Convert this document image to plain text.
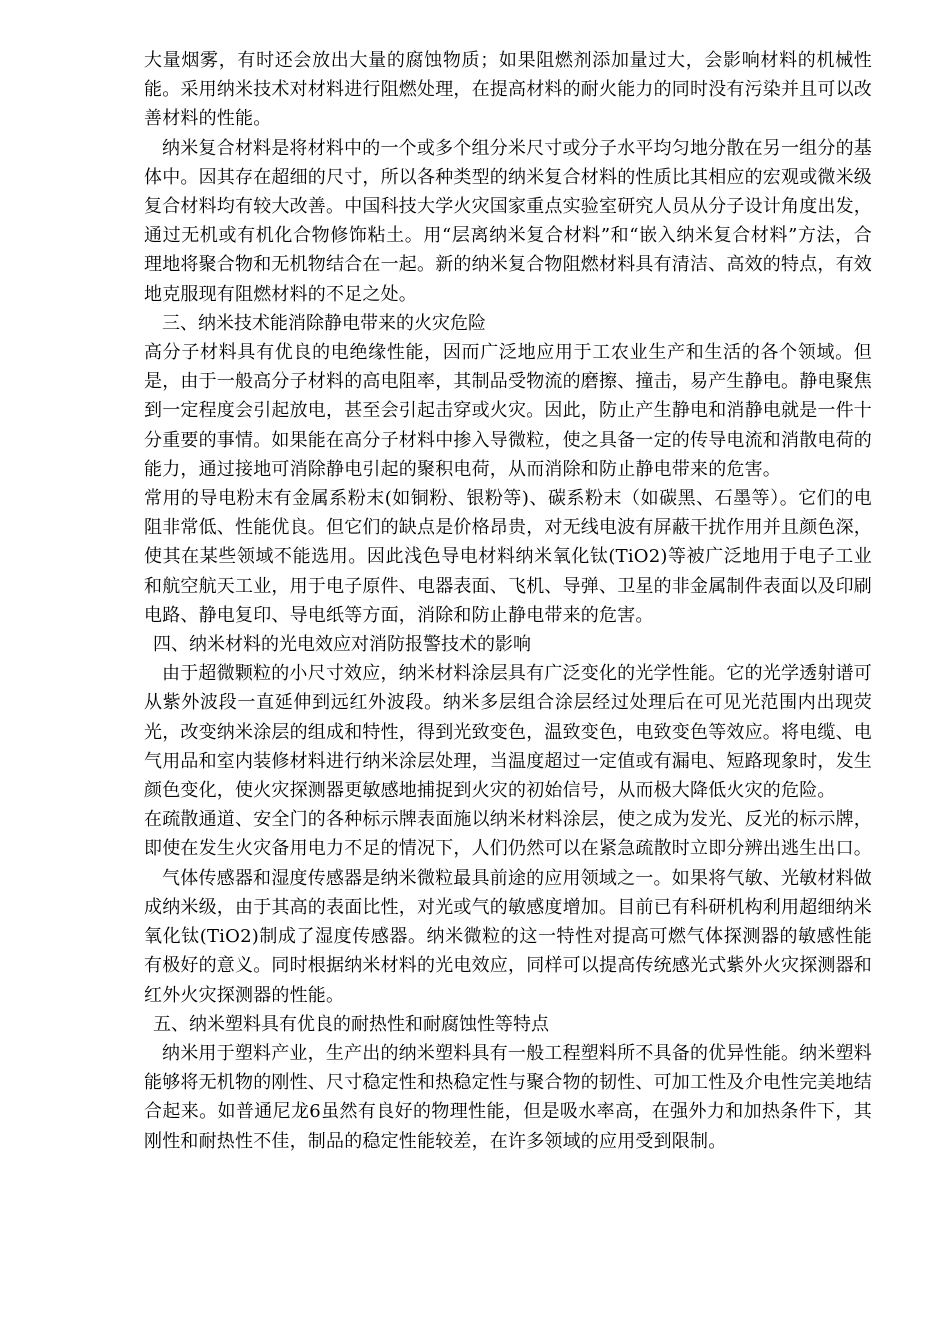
大量烟雾，有时还会放出大量的腐蚀物质；如果阻燃剂添加量过大，会影响材料的机械性能。采用纳米技术对材料进行阻燃处理，在提高材料的耐火能力的同时没有污染并且可以改善材料的性能。

纳米复合材料是将材料中的一个或多个组分米尺寸或分子水平均匀地分散在另一组分的基体中。因其存在超细的尺寸，所以各种类型的纳米复合材料的性质比其相应的宏观或微米级复合材料均有较大改善。中国科技大学火灾国家重点实验室研究人员从分子设计角度出发，通过无机或有机化合物修饰粘土。用“层离纳米复合材料”和“嵌入纳米复合材料”方法，合理地将聚合物和无机物结合在一起。新的纳米复合物阻燃材料具有清洁、高效的特点，有效地克服现有阻燃材料的不足之处。

三、纳米技术能消除静电带来的火灾危险

高分子材料具有优良的电绝缘性能，因而广泛地应用于工农业生产和生活的各个领域。但是，由于一般高分子材料的高电阻率，其制品受物流的磨擦、撞击，易产生静电。静电聚焦到一定程度会引起放电，甚至会引起击穿或火灾。因此，防止产生静电和消静电就是一件十分重要的事情。如果能在高分子材料中掺入导微粒，使之具备一定的传导电流和消散电荷的能力，通过接地可消除静电引起的聚积电荷，从而消除和防止静电带来的危害。

常用的导电粉末有金属系粉末(如铜粉、银粉等)、碳系粉末（如碳黑、石墨等）。它们的电阻非常低、性能优良。但它们的缺点是价格昂贵，对无线电波有屏蔽干扰作用并且颜色深，使其在某些领域不能选用。因此浅色导电材料纳米氧化钛(TiO2)等被广泛地用于电子工业和航空航天工业，用于电子原件、电器表面、飞机、导弹、卫星的非金属制件表面以及印刷电路、静电复印、导电纸等方面，消除和防止静电带来的危害。

四、纳米材料的光电效应对消防报警技术的影响

由于超微颗粒的小尺寸效应，纳米材料涂层具有广泛变化的光学性能。它的光学透射谱可从紫外波段一直延伸到远红外波段。纳米多层组合涂层经过处理后在可见光范围内出现荧光，改变纳米涂层的组成和特性，得到光致变色，温致变色，电致变色等效应。将电缆、电气用品和室内装修材料进行纳米涂层处理，当温度超过一定值或有漏电、短路现象时，发生颜色变化，使火灾探测器更敏感地捕捉到火灾的初始信号，从而极大降低火灾的危险。

在疏散通道、安全门的各种标示牌表面施以纳米材料涂层，使之成为发光、反光的标示牌，即使在发生火灾备用电力不足的情况下，人们仍然可以在紧急疏散时立即分辨出逃生出口。

气体传感器和湿度传感器是纳米微粒最具前途的应用领域之一。如果将气敏、光敏材料做成纳米级，由于其高的表面比性，对光或气的敏感度增加。目前已有科研机构利用超细纳米氧化钛(TiO2)制成了湿度传感器。纳米微粒的这一特性对提高可燃气体探测器的敏感性能有极好的意义。同时根据纳米材料的光电效应，同样可以提高传统感光式紫外火灾探测器和红外火灾探测器的性能。

五、纳米塑料具有优良的耐热性和耐腐蚀性等特点

纳米用于塑料产业，生产出的纳米塑料具有一般工程塑料所不具备的优异性能。纳米塑料能够将无机物的刚性、尺寸稳定性和热稳定性与聚合物的韧性、可加工性及介电性完美地结合起来。如普通尼龙6虽然有良好的物理性能，但是吸水率高，在强外力和加热条件下，其刚性和耐热性不佳，制品的稳定性能较差，在许多领域的应用受到限制。
